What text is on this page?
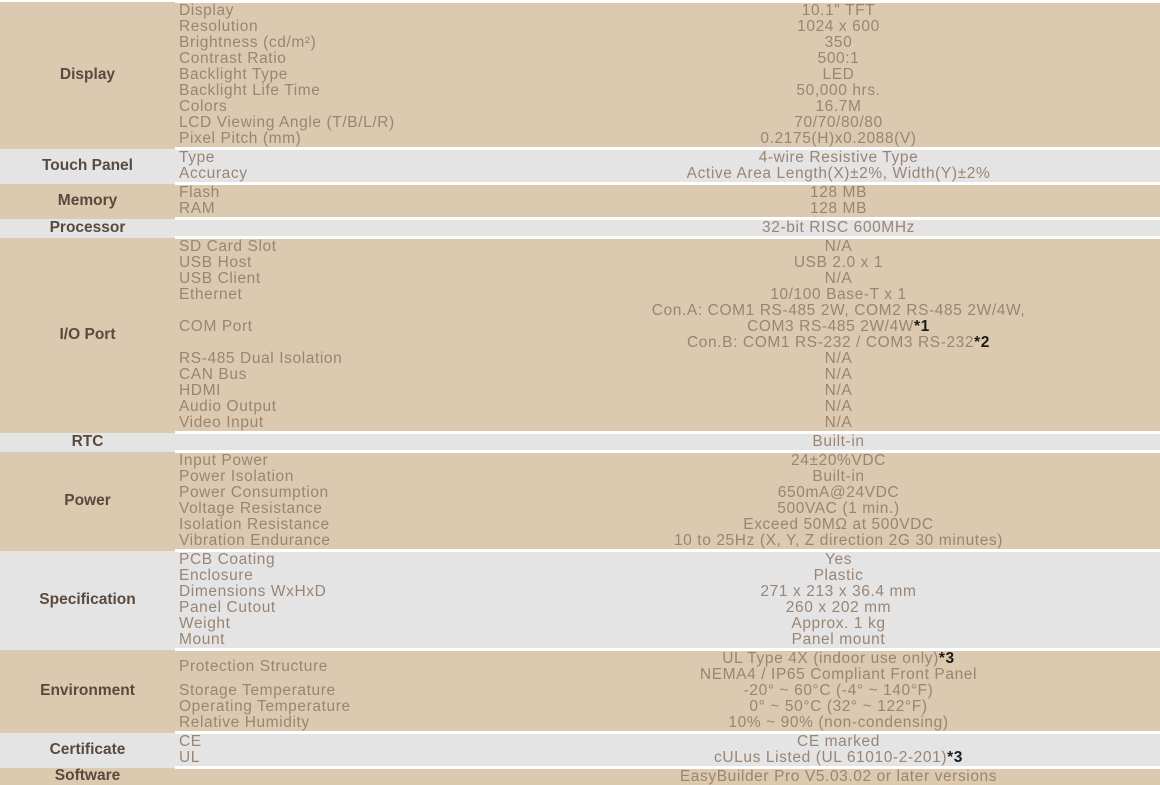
Display	Display	10.1" TFT
	Resolution	1024 x 600
	Brightness (cd/m²)	350
	Contrast Ratio	500:1
	Backlight Type	LED
	Backlight Life Time	50,000 hrs.
	Colors	16.7M
	LCD Viewing Angle (T/B/L/R)	70/70/80/80
	Pixel Pitch (mm)	0.2175(H)x0.2088(V)
Touch Panel	Type	4-wire Resistive Type
	Accuracy	Active Area Length(X)±2%, Width(Y)±2%
Memory	Flash	128 MB
	RAM	128 MB
Processor		32-bit RISC 600MHz
I/O Port	SD Card Slot	N/A
	USB Host	USB 2.0 x 1
	USB Client	N/A
	Ethernet	10/100 Base-T x 1
	COM Port	Con.A: COM1 RS-485 2W, COM2 RS-485 2W/4W,
COM3 RS-485 2W/4W*1
Con.B: COM1 RS-232 / COM3 RS-232*2

	RS-485 Dual Isolation	N/A
	CAN Bus	N/A
	HDMI	N/A
	Audio Output	N/A
	Video Input	N/A
RTC		Built-in
Power	Input Power	24±20%VDC
	Power Isolation	Built-in
	Power Consumption	650mA@24VDC
	Voltage Resistance	500VAC (1 min.)
	Isolation Resistance	Exceed 50MΩ at 500VDC
	Vibration Endurance	10 to 25Hz (X, Y, Z direction 2G 30 minutes)
Specification	PCB Coating	Yes
	Enclosure	Plastic
	Dimensions WxHxD	271 x 213 x 36.4 mm
	Panel Cutout	260 x 202 mm
	Weight	Approx. 1 kg
	Mount	Panel mount
Environment	Protection Structure	UL Type 4X (indoor use only)*3
NEMA4 / IP65 Compliant Front Panel

	Storage Temperature	-20° ~ 60°C (-4° ~ 140°F)
	Operating Temperature	0° ~ 50°C (32° ~ 122°F)
	Relative Humidity	10% ~ 90% (non-condensing)
Certificate	CE	CE marked
	UL	cULus Listed (UL 61010-2-201)*3

Software		EasyBuilder Pro V5.03.02 or later versions
